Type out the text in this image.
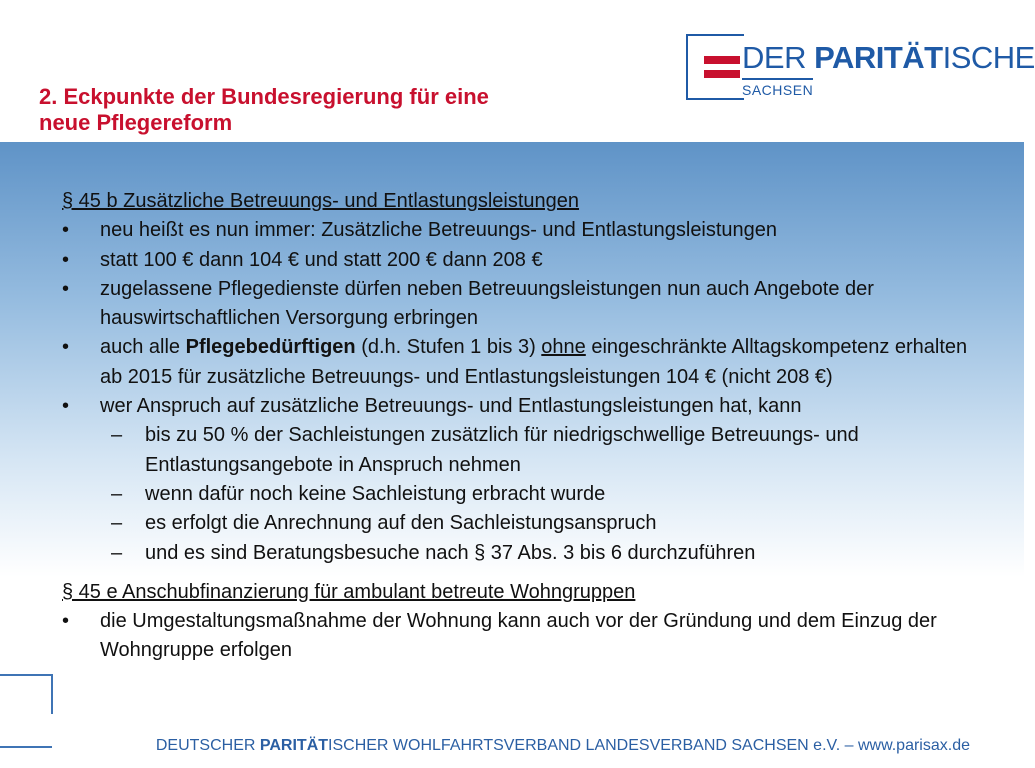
2. Eckpunkte der Bundesregierung für eine
neue Pflegereform
DER PARITÄTISCHE
SACHSEN
§ 45 b Zusätzliche Betreuungs- und Entlastungsleistungen
•	neu heißt es nun immer: Zusätzliche Betreuungs- und Entlastungsleistungen
•	statt 100 € dann 104 € und statt 200 € dann 208 €
•	zugelassene Pflegedienste dürfen neben Betreuungsleistungen nun auch Angebote der hauswirtschaftlichen Versorgung erbringen
•	auch alle Pflegebedürftigen (d.h. Stufen 1 bis 3) ohne eingeschränkte Alltagskompetenz erhalten ab 2015 für zusätzliche Betreuungs- und Entlastungsleistungen 104 € (nicht 208 €)
•	wer Anspruch auf zusätzliche Betreuungs- und Entlastungsleistungen hat, kann
–	bis zu 50 % der Sachleistungen zusätzlich für niedrigschwellige Betreuungs- und Entlastungsangebote in Anspruch nehmen
–	wenn dafür noch keine Sachleistung erbracht wurde
–	es erfolgt die Anrechnung auf den Sachleistungsanspruch
–	und es sind Beratungsbesuche nach § 37 Abs. 3 bis 6 durchzuführen
§ 45 e Anschubfinanzierung für ambulant betreute Wohngruppen
•	die Umgestaltungsmaßnahme der Wohnung kann auch vor der Gründung und dem Einzug der Wohngruppe erfolgen
DEUTSCHER PARITÄTISCHER WOHLFAHRTSVERBAND LANDESVERBAND SACHSEN e.V. – www.parisax.de
